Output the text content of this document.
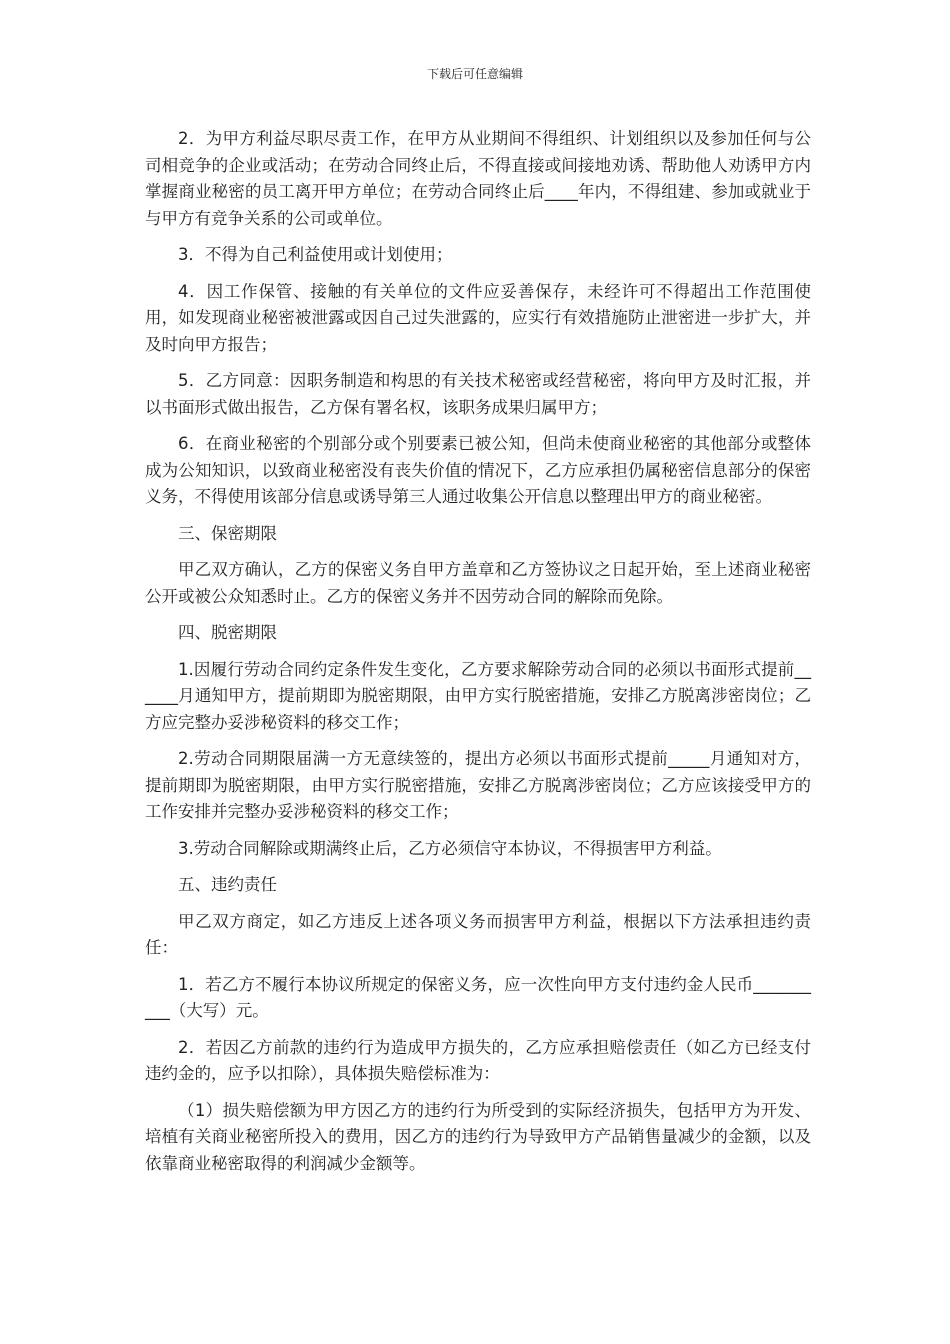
下载后可任意编辑

2．为甲方利益尽职尽责工作，在甲方从业期间不得组织、计划组织以及参加任何与公司相竞争的企业或活动；在劳动合同终止后，不得直接或间接地劝诱、帮助他人劝诱甲方内掌握商业秘密的员工离开甲方单位；在劳动合同终止后____年内，不得组建、参加或就业于与甲方有竞争关系的公司或单位。

3．不得为自己利益使用或计划使用；

4．因工作保管、接触的有关单位的文件应妥善保存，未经许可不得超出工作范围使用，如发现商业秘密被泄露或因自己过失泄露的，应实行有效措施防止泄密进一步扩大，并及时向甲方报告；

5．乙方同意：因职务制造和构思的有关技术秘密或经营秘密，将向甲方及时汇报，并以书面形式做出报告，乙方保有署名权，该职务成果归属甲方；

6．在商业秘密的个别部分或个别要素已被公知，但尚未使商业秘密的其他部分或整体成为公知知识，以致商业秘密没有丧失价值的情况下，乙方应承担仍属秘密信息部分的保密义务，不得使用该部分信息或诱导第三人通过收集公开信息以整理出甲方的商业秘密。

三、保密期限

甲乙双方确认，乙方的保密义务自甲方盖章和乙方签协议之日起开始，至上述商业秘密公开或被公众知悉时止。乙方的保密义务并不因劳动合同的解除而免除。

四、脱密期限

1.因履行劳动合同约定条件发生变化，乙方要求解除劳动合同的必须以书面形式提前______月通知甲方，提前期即为脱密期限，由甲方实行脱密措施，安排乙方脱离涉密岗位；乙方应完整办妥涉秘资料的移交工作；

2.劳动合同期限届满一方无意续签的，提出方必须以书面形式提前_____月通知对方，提前期即为脱密期限，由甲方实行脱密措施，安排乙方脱离涉密岗位；乙方应该接受甲方的工作安排并完整办妥涉秘资料的移交工作；

3.劳动合同解除或期满终止后，乙方必须信守本协议，不得损害甲方利益。

五、违约责任

甲乙双方商定，如乙方违反上述各项义务而损害甲方利益，根据以下方法承担违约责任：

1．若乙方不履行本协议所规定的保密义务，应一次性向甲方支付违约金人民币__________（大写）元。

2．若因乙方前款的违约行为造成甲方损失的，乙方应承担赔偿责任（如乙方已经支付违约金的，应予以扣除），具体损失赔偿标准为：

（1）损失赔偿额为甲方因乙方的违约行为所受到的实际经济损失，包括甲方为开发、培植有关商业秘密所投入的费用，因乙方的违约行为导致甲方产品销售量减少的金额，以及依靠商业秘密取得的利润减少金额等。
